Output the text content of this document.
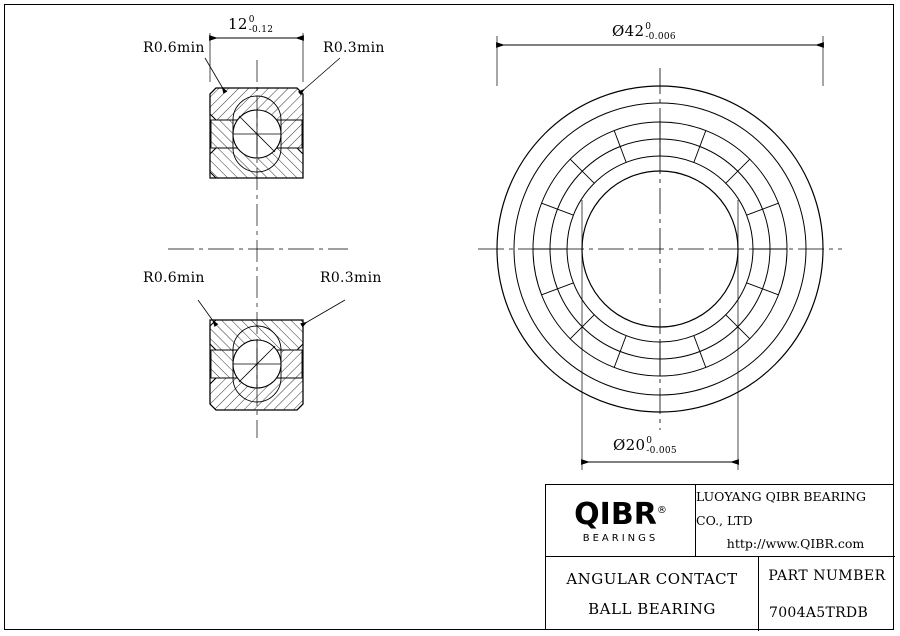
R0.6min	R0.3min
R0.6min	R0.3min
12 0
-0.12	Ø42 0
-0.006
Ø20 0
-0.005
QIBR®
BEARINGS
LUOYANG QIBR BEARING CO., LTD
http://www.QIBR.com
ANGULAR CONTACT
BALL BEARING
PART NUMBER
7004A5TRDB
